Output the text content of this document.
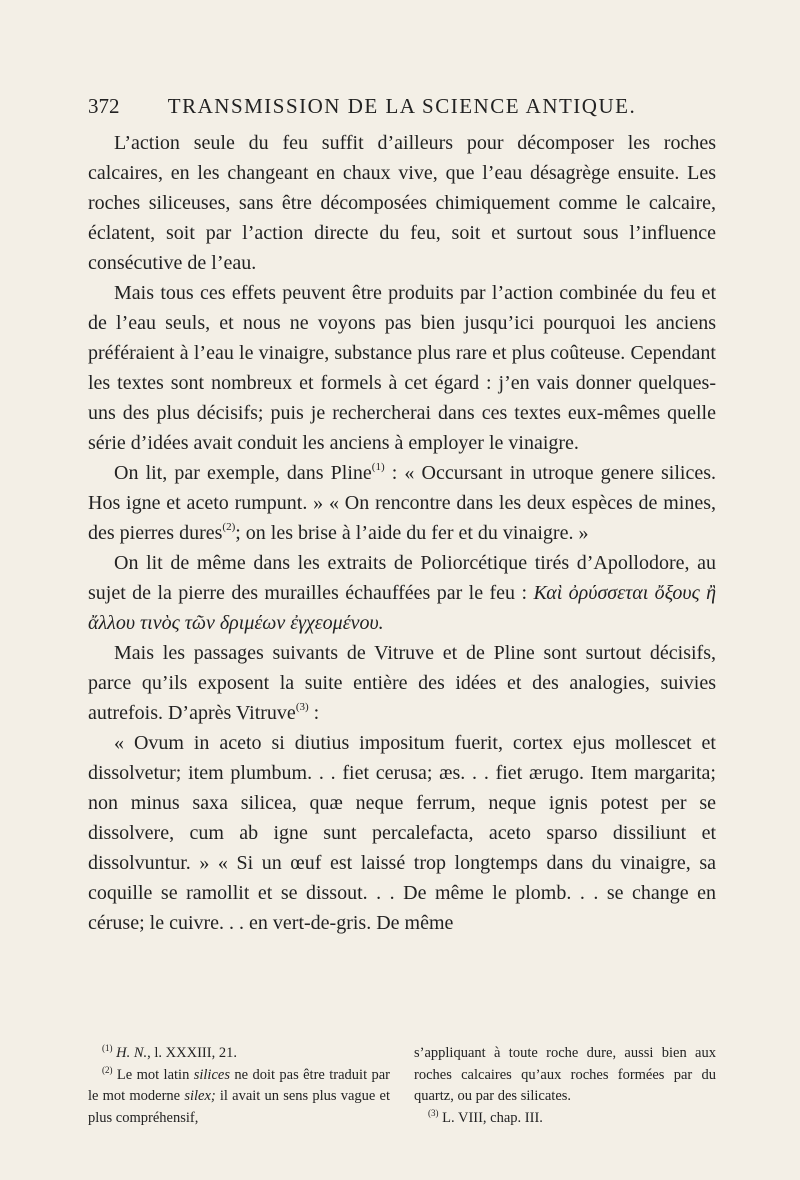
372	TRANSMISSION DE LA SCIENCE ANTIQUE.

L’action seule du feu suffit d’ailleurs pour décomposer les roches calcaires, en les changeant en chaux vive, que l’eau désagrège ensuite. Les roches siliceuses, sans être décomposées chimiquement comme le calcaire, éclatent, soit par l’action directe du feu, soit et surtout sous l’influence consécutive de l’eau.

Mais tous ces effets peuvent être produits par l’action combinée du feu et de l’eau seuls, et nous ne voyons pas bien jusqu’ici pourquoi les anciens préféraient à l’eau le vinaigre, substance plus rare et plus coûteuse. Cependant les textes sont nombreux et formels à cet égard : j’en vais donner quelques-uns des plus décisifs; puis je rechercherai dans ces textes eux-mêmes quelle série d’idées avait conduit les anciens à employer le vinaigre.

On lit, par exemple, dans Pline$^{(1)}$ : « Occursant in utroque genere silices. Hos igne et aceto rumpunt. » « On rencontre dans les deux espèces de mines, des pierres dures$^{(2)}$; on les brise à l’aide du fer et du vinaigre. »

On lit de même dans les extraits de Poliorcétique tirés d’Apollodore, au sujet de la pierre des murailles échauffées par le feu : Καὶ ὀρύσσεται ὄξους ἢ ἄλλου τινὸς τῶν δριμέων ἐγχεομένου.

Mais les passages suivants de Vitruve et de Pline sont surtout décisifs, parce qu’ils exposent la suite entière des idées et des analogies, suivies autrefois. D’après Vitruve$^{(3)}$ :

« Ovum in aceto si diutius impositum fuerit, cortex ejus mollescet et dissolvetur; item plumbum. . . fiet cerusa; æs. . . fiet ærugo. Item margarita; non minus saxa silicea, quæ neque ferrum, neque ignis potest per se dissolvere, cum ab igne sunt percalefacta, aceto sparso dissiliunt et dissolvuntur. » « Si un œuf est laissé trop longtemps dans du vinaigre, sa coquille se ramollit et se dissout. . . De même le plomb. . . se change en céruse; le cuivre. . . en vert-de-gris. De même

$^{(1)}$ H. N., l. XXXIII, 21.

$^{(2)}$ Le mot latin silices ne doit pas être traduit par le mot moderne silex; il avait un sens plus vague et plus compréhensif,

s’appliquant à toute roche dure, aussi bien aux roches calcaires qu’aux roches formées par du quartz, ou par des silicates.

$^{(3)}$ L. VIII, chap. III.
